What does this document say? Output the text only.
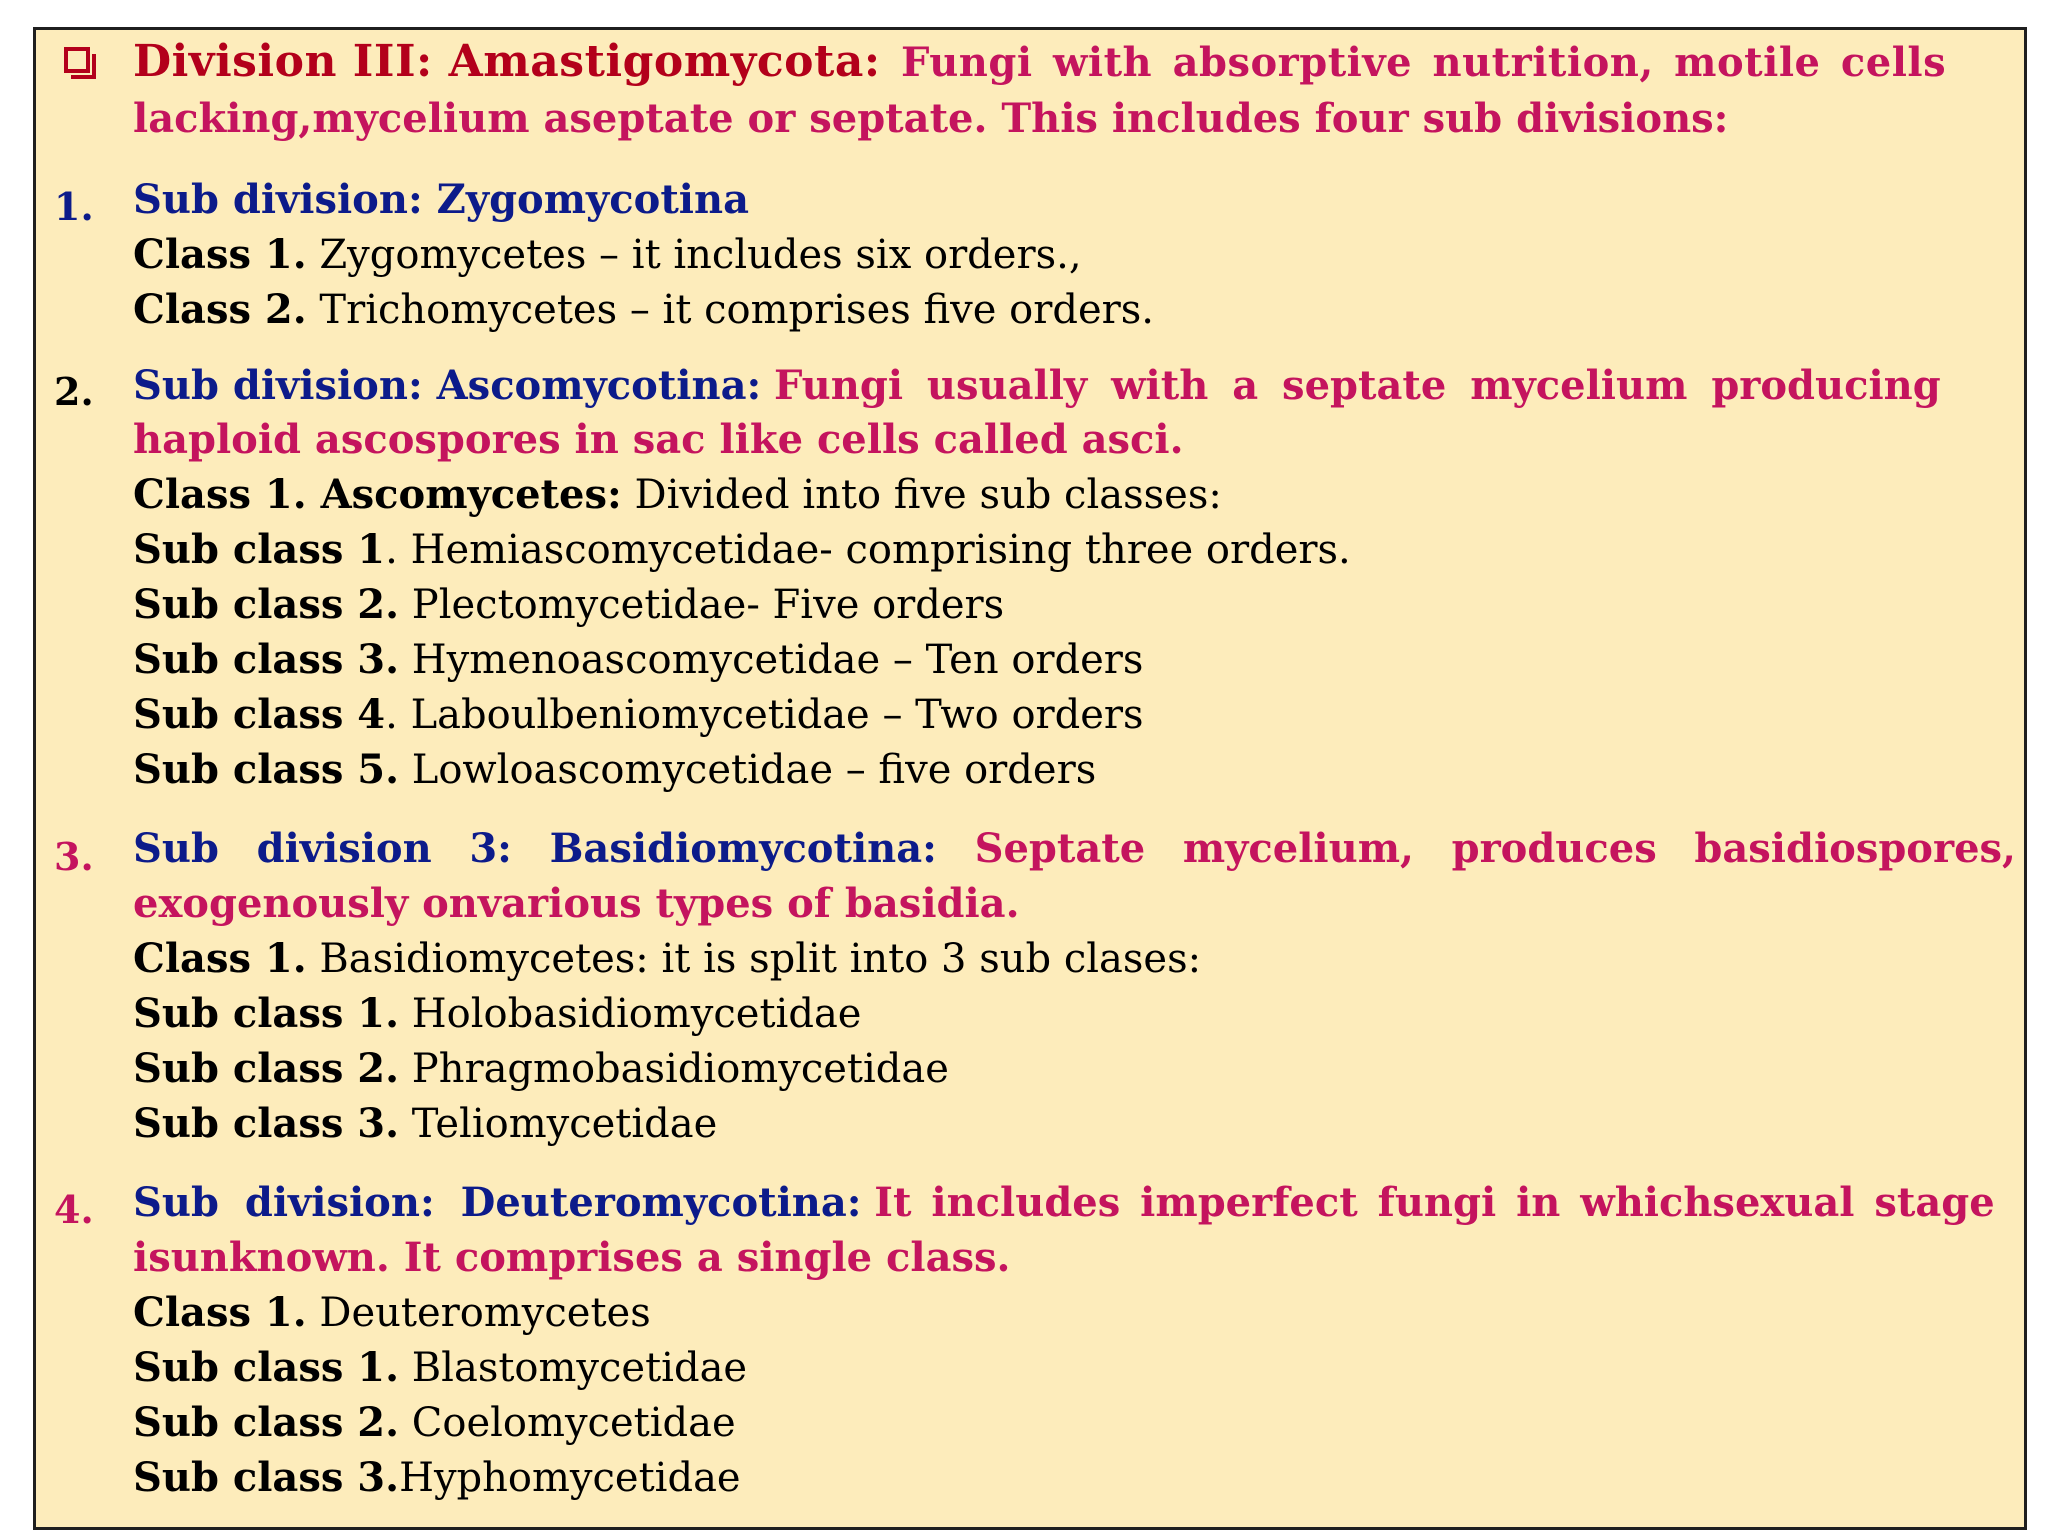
Division III: Amastigomycota: Fungi with absorptive nutrition, motile cells
lacking,mycelium aseptate or septate. This includes four sub divisions:
1. Sub division: Zygomycotina
Class 1. Zygomycetes – it includes six orders.,
Class 2. Trichomycetes – it comprises five orders.
2. Sub division: Ascomycotina: Fungi usually with a septate mycelium producing
haploid ascospores in sac like cells called asci.
Class 1. Ascomycetes: Divided into five sub classes:
Sub class 1. Hemiascomycetidae- comprising three orders.
Sub class 2. Plectomycetidae- Five orders
Sub class 3. Hymenoascomycetidae – Ten orders
Sub class 4. Laboulbeniomycetidae – Two orders
Sub class 5. Lowloascomycetidae – five orders
3. Sub division 3: Basidiomycotina: Septate mycelium, produces basidiospores,
exogenously onvarious types of basidia.
Class 1. Basidiomycetes: it is split into 3 sub clases:
Sub class 1. Holobasidiomycetidae
Sub class 2. Phragmobasidiomycetidae
Sub class 3. Teliomycetidae
4. Sub division: Deuteromycotina: It includes imperfect fungi in whichsexual stage
isunknown. It comprises a single class.
Class 1. Deuteromycetes
Sub class 1. Blastomycetidae
Sub class 2. Coelomycetidae
Sub class 3.Hyphomycetidae
